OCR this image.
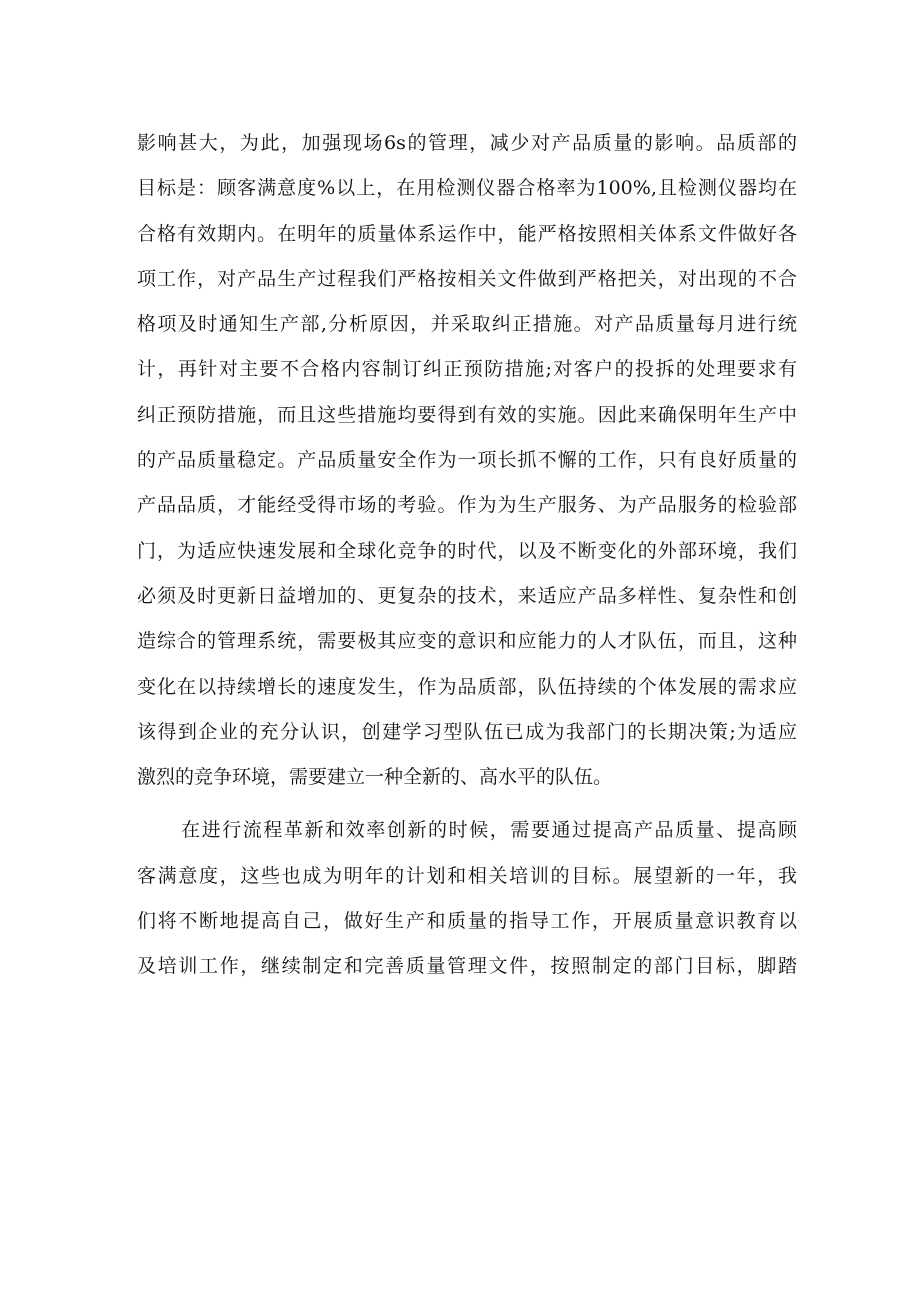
影响甚大，为此，加强现场6s的管理，减少对产品质量的影响。品质部的
目标是：顾客满意度%以上，在用检测仪器合格率为100%,且检测仪器均在
合格有效期内。在明年的质量体系运作中，能严格按照相关体系文件做好各
项工作，对产品生产过程我们严格按相关文件做到严格把关，对出现的不合
格项及时通知生产部,分析原因，并采取纠正措施。对产品质量每月进行统
计，再针对主要不合格内容制订纠正预防措施;对客户的投拆的处理要求有
纠正预防措施，而且这些措施均要得到有效的实施。因此来确保明年生产中
的产品质量稳定。产品质量安全作为一项长抓不懈的工作，只有良好质量的
产品品质，才能经受得市场的考验。作为为生产服务、为产品服务的检验部
门，为适应快速发展和全球化竞争的时代，以及不断变化的外部环境，我们
必须及时更新日益增加的、更复杂的技术，来适应产品多样性、复杂性和创
造综合的管理系统，需要极其应变的意识和应能力的人才队伍，而且，这种
变化在以持续增长的速度发生，作为品质部，队伍持续的个体发展的需求应
该得到企业的充分认识，创建学习型队伍已成为我部门的长期决策;为适应
激烈的竞争环境，需要建立一种全新的、高水平的队伍。
在进行流程革新和效率创新的时候，需要通过提高产品质量、提高顾
客满意度，这些也成为明年的计划和相关培训的目标。展望新的一年，我
们将不断地提高自己，做好生产和质量的指导工作，开展质量意识教育以
及培训工作，继续制定和完善质量管理文件，按照制定的部门目标，脚踏
